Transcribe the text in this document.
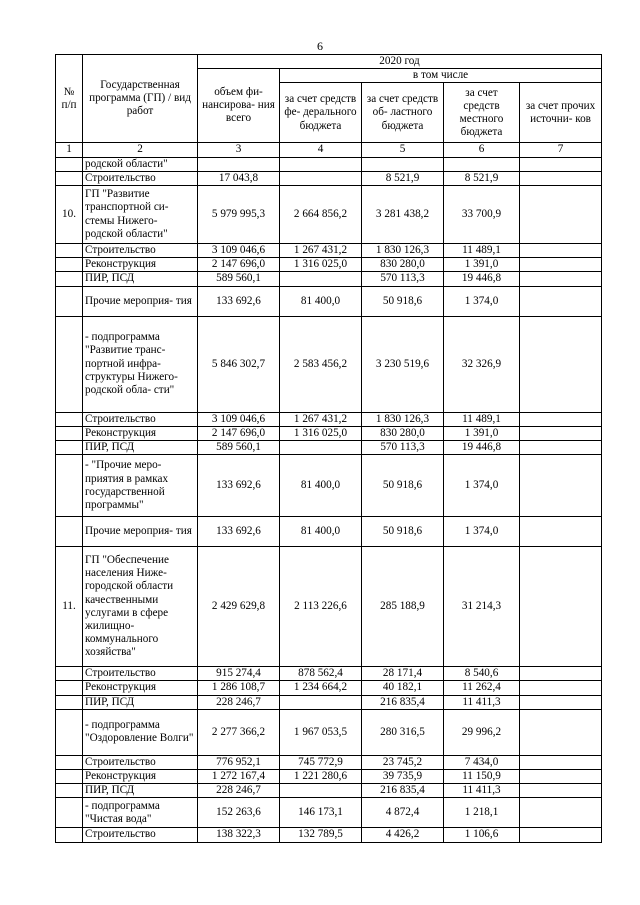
6
№ п/п	Государственная программа (ГП) / вид работ	2020 год				
		объем фи- нансирова- ния всего	в том числе			
			за счет средств фе- дерального бюджета	за счет средств об- ластного бюджета	за счет средств местного бюджета	за счет прочих источни- ков
1	2	3	4	5	6	7
	родской области"					
	Строительство	17 043,8		8 521,9	8 521,9	
10.	ГП "Развитие транспортной си- стемы Нижего- родской области"	5 979 995,3	2 664 856,2	3 281 438,2	33 700,9	
	Строительство	3 109 046,6	1 267 431,2	1 830 126,3	11 489,1	
	Реконструкция	2 147 696,0	1 316 025,0	830 280,0	1 391,0	
	ПИР, ПСД	589 560,1		570 113,3	19 446,8	
	Прочие мероприя- тия	133 692,6	81 400,0	50 918,6	1 374,0	
	- подпрограмма "Развитие транс- портной инфра- структуры Нижего- родской обла- сти"	5 846 302,7	2 583 456,2	3 230 519,6	32 326,9	
	Строительство	3 109 046,6	1 267 431,2	1 830 126,3	11 489,1	
	Реконструкция	2 147 696,0	1 316 025,0	830 280,0	1 391,0	
	ПИР, ПСД	589 560,1		570 113,3	19 446,8	
	- "Прочие меро- приятия в рамках государственной программы"	133 692,6	81 400,0	50 918,6	1 374,0	
	Прочие мероприя- тия	133 692,6	81 400,0	50 918,6	1 374,0	
11.	ГП "Обеспечение населения Ниже- городской области качественными услугами в сфере жилищно- коммунального хозяйства"	2 429 629,8	2 113 226,6	285 188,9	31 214,3	
	Строительство	915 274,4	878 562,4	28 171,4	8 540,6	
	Реконструкция	1 286 108,7	1 234 664,2	40 182,1	11 262,4	
	ПИР, ПСД	228 246,7		216 835,4	11 411,3	
	- подпрограмма "Оздоровление Волги"	2 277 366,2	1 967 053,5	280 316,5	29 996,2	
	Строительство	776 952,1	745 772,9	23 745,2	7 434,0	
	Реконструкция	1 272 167,4	1 221 280,6	39 735,9	11 150,9	
	ПИР, ПСД	228 246,7		216 835,4	11 411,3	
	- подпрограмма "Чистая вода"	152 263,6	146 173,1	4 872,4	1 218,1	
	Строительство	138 322,3	132 789,5	4 426,2	1 106,6	
